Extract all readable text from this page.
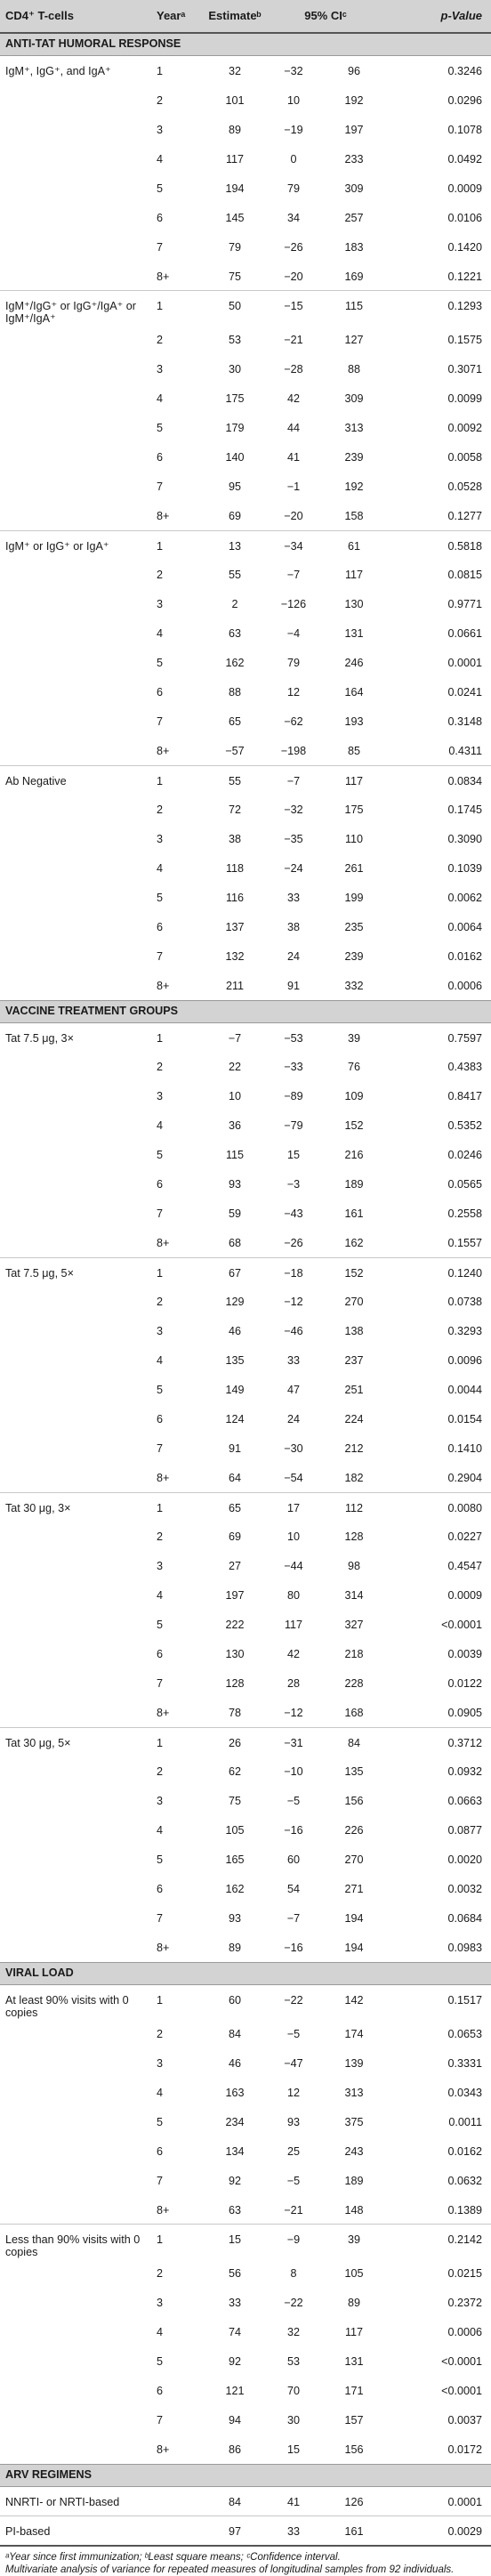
CD4⁺ T-cells	Yearᵃ	Estimateᵇ	95% CIᶜ		p-Value
ANTI-TAT HUMORAL RESPONSE					
IgM⁺, IgG⁺, and IgA⁺	1	32	−32	96	0.3246
	2	101	10	192	0.0296
	3	89	−19	197	0.1078
	4	117	0	233	0.0492
	5	194	79	309	0.0009
	6	145	34	257	0.0106
	7	79	−26	183	0.1420
	8+	75	−20	169	0.1221
IgM⁺/IgG⁺ or IgG⁺/IgA⁺ or IgM⁺/IgA⁺	1	50	−15	115	0.1293
	2	53	−21	127	0.1575
	3	30	−28	88	0.3071
	4	175	42	309	0.0099
	5	179	44	313	0.0092
	6	140	41	239	0.0058
	7	95	−1	192	0.0528
	8+	69	−20	158	0.1277
IgM⁺ or IgG⁺ or IgA⁺	1	13	−34	61	0.5818
	2	55	−7	117	0.0815
	3	2	−126	130	0.9771
	4	63	−4	131	0.0661
	5	162	79	246	0.0001
	6	88	12	164	0.0241
	7	65	−62	193	0.3148
	8+	−57	−198	85	0.4311
Ab Negative	1	55	−7	117	0.0834
	2	72	−32	175	0.1745
	3	38	−35	110	0.3090
	4	118	−24	261	0.1039
	5	116	33	199	0.0062
	6	137	38	235	0.0064
	7	132	24	239	0.0162
	8+	211	91	332	0.0006
VACCINE TREATMENT GROUPS					
Tat 7.5 μg, 3×	1	−7	−53	39	0.7597
	2	22	−33	76	0.4383
	3	10	−89	109	0.8417
	4	36	−79	152	0.5352
	5	115	15	216	0.0246
	6	93	−3	189	0.0565
	7	59	−43	161	0.2558
	8+	68	−26	162	0.1557
Tat 7.5 μg, 5×	1	67	−18	152	0.1240
	2	129	−12	270	0.0738
	3	46	−46	138	0.3293
	4	135	33	237	0.0096
	5	149	47	251	0.0044
	6	124	24	224	0.0154
	7	91	−30	212	0.1410
	8+	64	−54	182	0.2904
Tat 30 μg, 3×	1	65	17	112	0.0080
	2	69	10	128	0.0227
	3	27	−44	98	0.4547
	4	197	80	314	0.0009
	5	222	117	327	<0.0001
	6	130	42	218	0.0039
	7	128	28	228	0.0122
	8+	78	−12	168	0.0905
Tat 30 μg, 5×	1	26	−31	84	0.3712
	2	62	−10	135	0.0932
	3	75	−5	156	0.0663
	4	105	−16	226	0.0877
	5	165	60	270	0.0020
	6	162	54	271	0.0032
	7	93	−7	194	0.0684
	8+	89	−16	194	0.0983
VIRAL LOAD					
At least 90% visits with 0 copies	1	60	−22	142	0.1517
	2	84	−5	174	0.0653
	3	46	−47	139	0.3331
	4	163	12	313	0.0343
	5	234	93	375	0.0011
	6	134	25	243	0.0162
	7	92	−5	189	0.0632
	8+	63	−21	148	0.1389
Less than 90% visits with 0 copies	1	15	−9	39	0.2142
	2	56	8	105	0.0215
	3	33	−22	89	0.2372
	4	74	32	117	0.0006
	5	92	53	131	<0.0001
	6	121	70	171	<0.0001
	7	94	30	157	0.0037
	8+	86	15	156	0.0172
ARV REGIMENS					
NNRTI- or NRTI-based		84	41	126	0.0001
PI-based		97	33	161	0.0029
ᵃYear since first immunization; ᵇLeast square means; ᶜConfidence interval.
Multivariate analysis of variance for repeated measures of longitudinal samples from 92 individuals.
